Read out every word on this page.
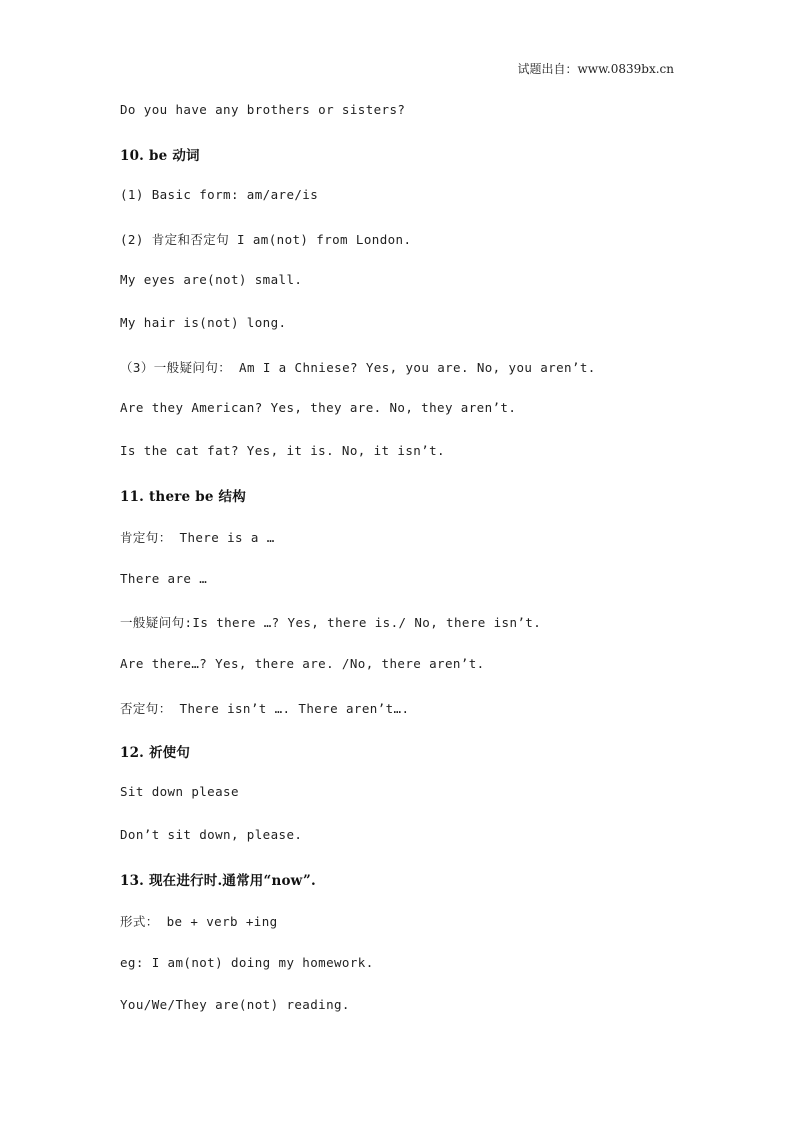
试题出自：www.0839bx.cn
Do you have any brothers or sisters?
10. be 动词
(1) Basic form: am/are/is
(2) 肯定和否定句 I am(not) from London.
My eyes are(not) small.
My hair is(not) long.
（3）一般疑问句： Am I a Chniese? Yes, you are. No, you aren’t.
Are they American? Yes, they are. No, they aren’t.
Is the cat fat? Yes, it is. No, it isn’t.
11. there be 结构
肯定句： There is a …
There are …
一般疑问句:Is there …? Yes, there is./ No, there isn’t.
Are there…? Yes, there are. /No, there aren’t.
否定句： There isn’t …. There aren’t….
12. 祈使句
Sit down please
Don’t sit down, please.
13. 现在进行时.通常用“now”.
形式： be + verb +ing
eg: I am(not) doing my homework.
You/We/They are(not) reading.
